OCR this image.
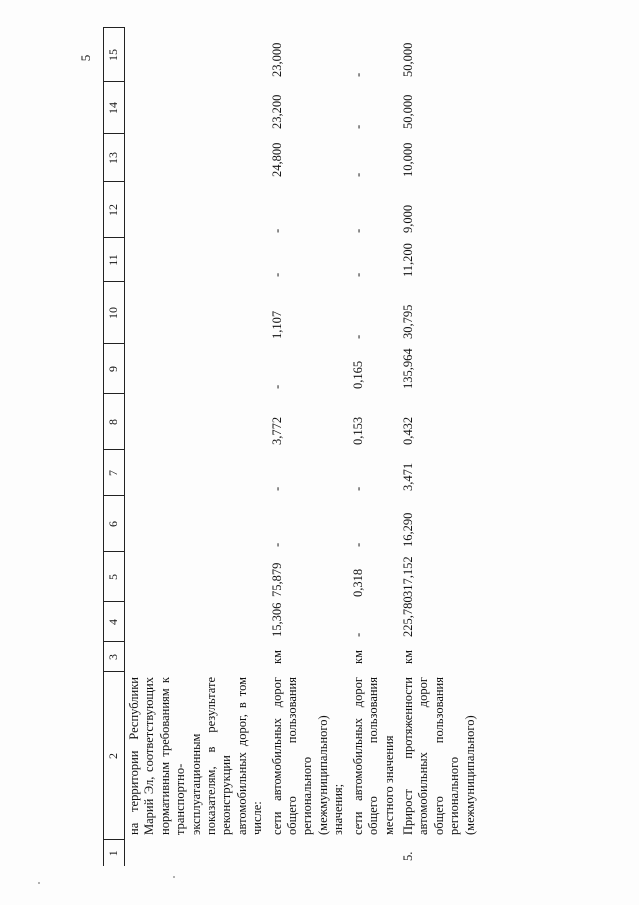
5
1	2	3	4	5	6	7	8	9	10	11	12	13	14	15
	на территории Республики Марий Эл, соответствующих нормативным требованиям к транспортно-эксплуатационным показателям, в результате реконструкции автомобильных дорог, в том числе:													
	сети автомобильных дорог общего пользования регионального (межмуниципального) значения;	км	15,306	75,879	-	-	3,772	-	1,107	-	-	24,800	23,200	23,000
	сети автомобильных дорог общего пользования местного значения	км	-	0,318	-	-	0,153	0,165	-	-	-	-	-	-
5.	Прирост протяженности автомобильных дорог общего пользования регионального (межмуниципального)	км	225,780	317,152	16,290	3,471	0,432	135,964	30,795	11,200	9,000	10,000	50,000	50,000
